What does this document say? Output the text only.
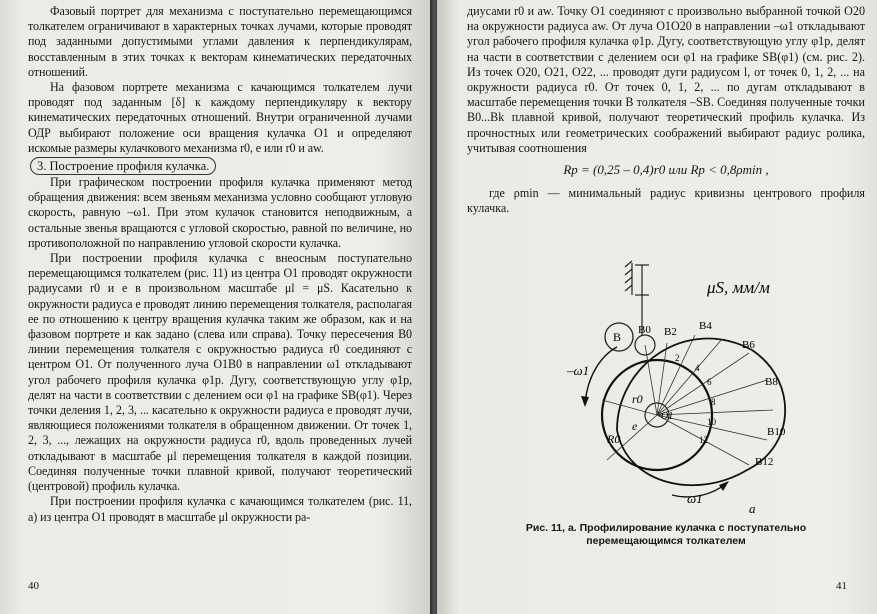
Фазовый портрет для механизма с поступательно перемещающимся толкателем ограничивают в характерных точках лучами, которые проводят под заданными допустимыми углами давления к перпендикулярам, восставленным в этих точках к векторам кинематических передаточных отношений.

На фазовом портрете механизма с качающимся толкателем лучи проводят под заданным [δ] к каждому перпендикуляру к вектору кинематических передаточных отношений. Внутри ограниченной лучами ОДР выбирают положение оси вращения кулачка O1 и определяют искомые размеры кулачкового механизма r0, e или r0 и aw.

3. Построение профиля кулачка.

При графическом построении профиля кулачка применяют метод обращения движения: всем звеньям механизма условно сообщают угловую скорость, равную –ω1. При этом кулачок становится неподвижным, а остальные звенья вращаются с угловой скоростью, равной по величине, но противоположной по направлению угловой скорости кулачка.

При построении профиля кулачка с внеосным поступательно перемещающимся толкателем (рис. 11) из центра O1 проводят окружности радиусами r0 и e в произвольном масштабе μl = μS. Касательно к окружности радиуса e проводят линию перемещения толкателя, располагая ее по отношению к центру вращения кулачка таким же образом, как и на фазовом портрете и как задано (слева или справа). Точку пересечения B0 линии перемещения толкателя с окружностью радиуса r0 соединяют с центром O1. От полученного луча O1B0 в направлении ω1 откладывают угол рабочего профиля кулачка φ1p. Дугу, соответствующую углу φ1p, делят на части в соответствии с делением оси φ1 на графике SB(φ1). Через точки деления 1, 2, 3, ... касательно к окружности радиуса e проводят лучи, являющиеся положениями толкателя в обращенном движении. От точек 1, 2, 3, ..., лежащих на окружности радиуса r0, вдоль проведенных лучей откладывают в масштабе μl перемещения толкателя в каждой позиции. Соединяя полученные точки плавной кривой, получают теоретический (центровой) профиль кулачка.

При построении профиля кулачка с качающимся толкателем (рис. 11, a) из центра O1 проводят в масштабе μl окружности ра-

40

диусами r0 и aw. Точку O1 соединяют с произвольно выбранной точкой O20 на окружности радиуса aw. От луча O1O20 в направлении –ω1 откладывают угол рабочего профиля кулачка φ1p. Дугу, соответствующую углу φ1p, делят на части в соответствии с делением оси φ1 на графике SB(φ1) (см. рис. 2). Из точек O20, O21, O22, ... проводят дуги радиусом l, от точек 0, 1, 2, ... на окружности радиуса r0. От точек 0, 1, 2, ... по дугам откладывают в масштабе перемещения точки B толкателя –SB. Соединяя полученные точки B0...Bk плавной кривой, получают теоретический профиль кулачка. Из прочностных или геометрических соображений выбирают радиус ролика, учитывая соотношения

Rp = (0,25 – 0,4)r0 или Rp < 0,8ρmin ,

где ρmin — минимальный радиус кривизны центрового профиля кулачка.

μS, мм/м
–ω1
ω1
a
B B0 B2 B4
B6
B8
B10
B12
r0
R0
e
O1
2
4
6
8
10
12
Рис. 11, a. Профилирование кулачка с поступательно
перемещающимся толкателем
41
